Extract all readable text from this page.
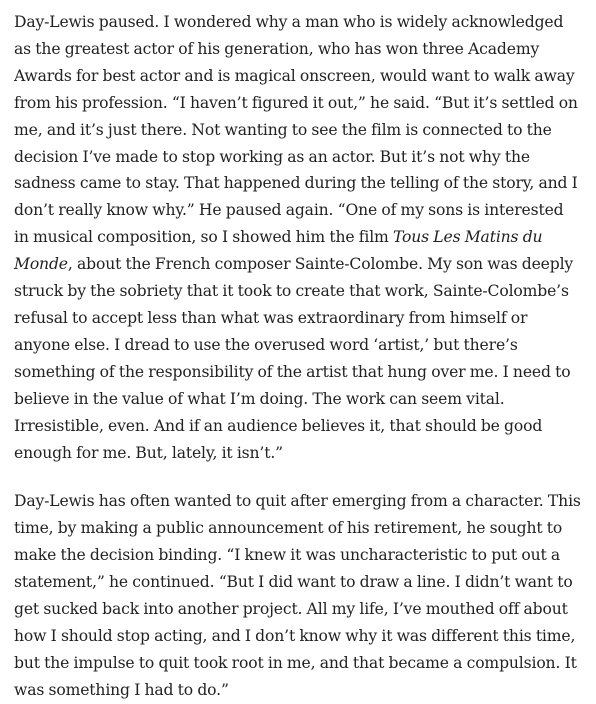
Day-Lewis paused. I wondered why a man who is widely acknowledged as the greatest actor of his generation, who has won three Academy Awards for best actor and is magical onscreen, would want to walk away from his profession. “I haven’t figured it out,” he said. “But it’s settled on me, and it’s just there. Not wanting to see the film is connected to the decision I’ve made to stop working as an actor. But it’s not why the sadness came to stay. That happened during the telling of the story, and I don’t really know why.” He paused again. “One of my sons is interested in musical composition, so I showed him the film Tous Les Matins du Monde, about the French composer Sainte-Colombe. My son was deeply struck by the sobriety that it took to create that work, Sainte-Colombe’s refusal to accept less than what was extraordinary from himself or anyone else. I dread to use the overused word ‘artist,’ but there’s something of the responsibility of the artist that hung over me. I need to believe in the value of what I’m doing. The work can seem vital. Irresistible, even. And if an audience believes it, that should be good enough for me. But, lately, it isn’t.”

Day-Lewis has often wanted to quit after emerging from a character. This time, by making a public announcement of his retirement, he sought to make the decision binding. “I knew it was uncharacteristic to put out a statement,” he continued. “But I did want to draw a line. I didn’t want to get sucked back into another project. All my life, I’ve mouthed off about how I should stop acting, and I don’t know why it was different this time, but the impulse to quit took root in me, and that became a compulsion. It was something I had to do.”
